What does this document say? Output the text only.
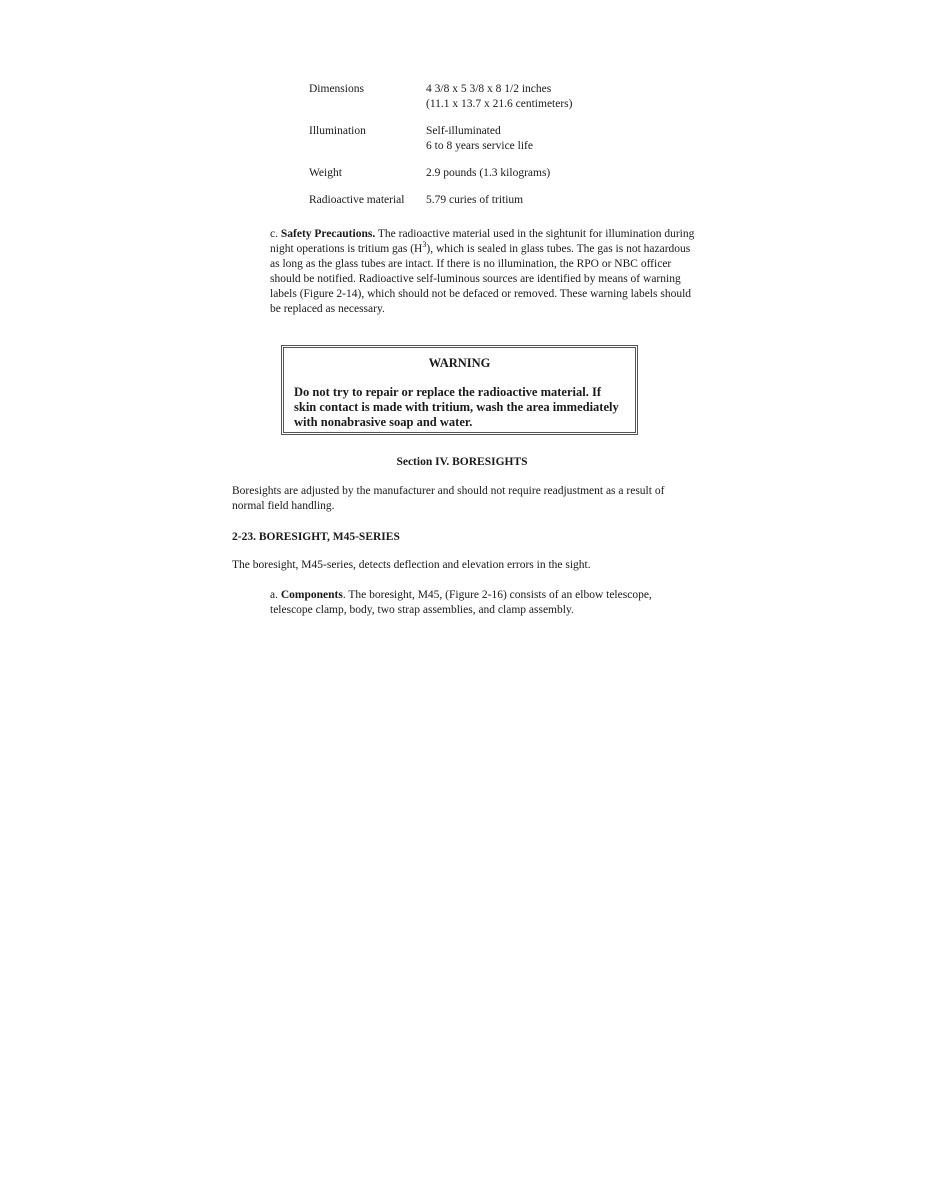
Dimensions	4 3/8 x 5 3/8 x 8 1/2 inches
(11.1 x 13.7 x 21.6 centimeters)
Illumination	Self-illuminated
6 to 8 years service life
Weight	2.9 pounds (1.3 kilograms)
Radioactive material	5.79 curies of tritium

c. Safety Precautions. The radioactive material used in the sightunit for illumination during night operations is tritium gas $(H^3)$, which is sealed in glass tubes. The gas is not hazardous as long as the glass tubes are intact. If there is no illumination, the RPO or NBC officer should be notified. Radioactive self-luminous sources are identified by means of warning labels (Figure 2-14), which should not be defaced or removed. These warning labels should be replaced as necessary.

WARNING

Do not try to repair or replace the radioactive material. If skin contact is made with tritium, wash the area immediately with nonabrasive soap and water.

Section IV. BORESIGHTS

Boresights are adjusted by the manufacturer and should not require readjustment as a result of normal field handling.

2-23. BORESIGHT, M45-SERIES

The boresight, M45-series, detects deflection and elevation errors in the sight.

a. Components. The boresight, M45, (Figure 2-16) consists of an elbow telescope, telescope clamp, body, two strap assemblies, and clamp assembly.
